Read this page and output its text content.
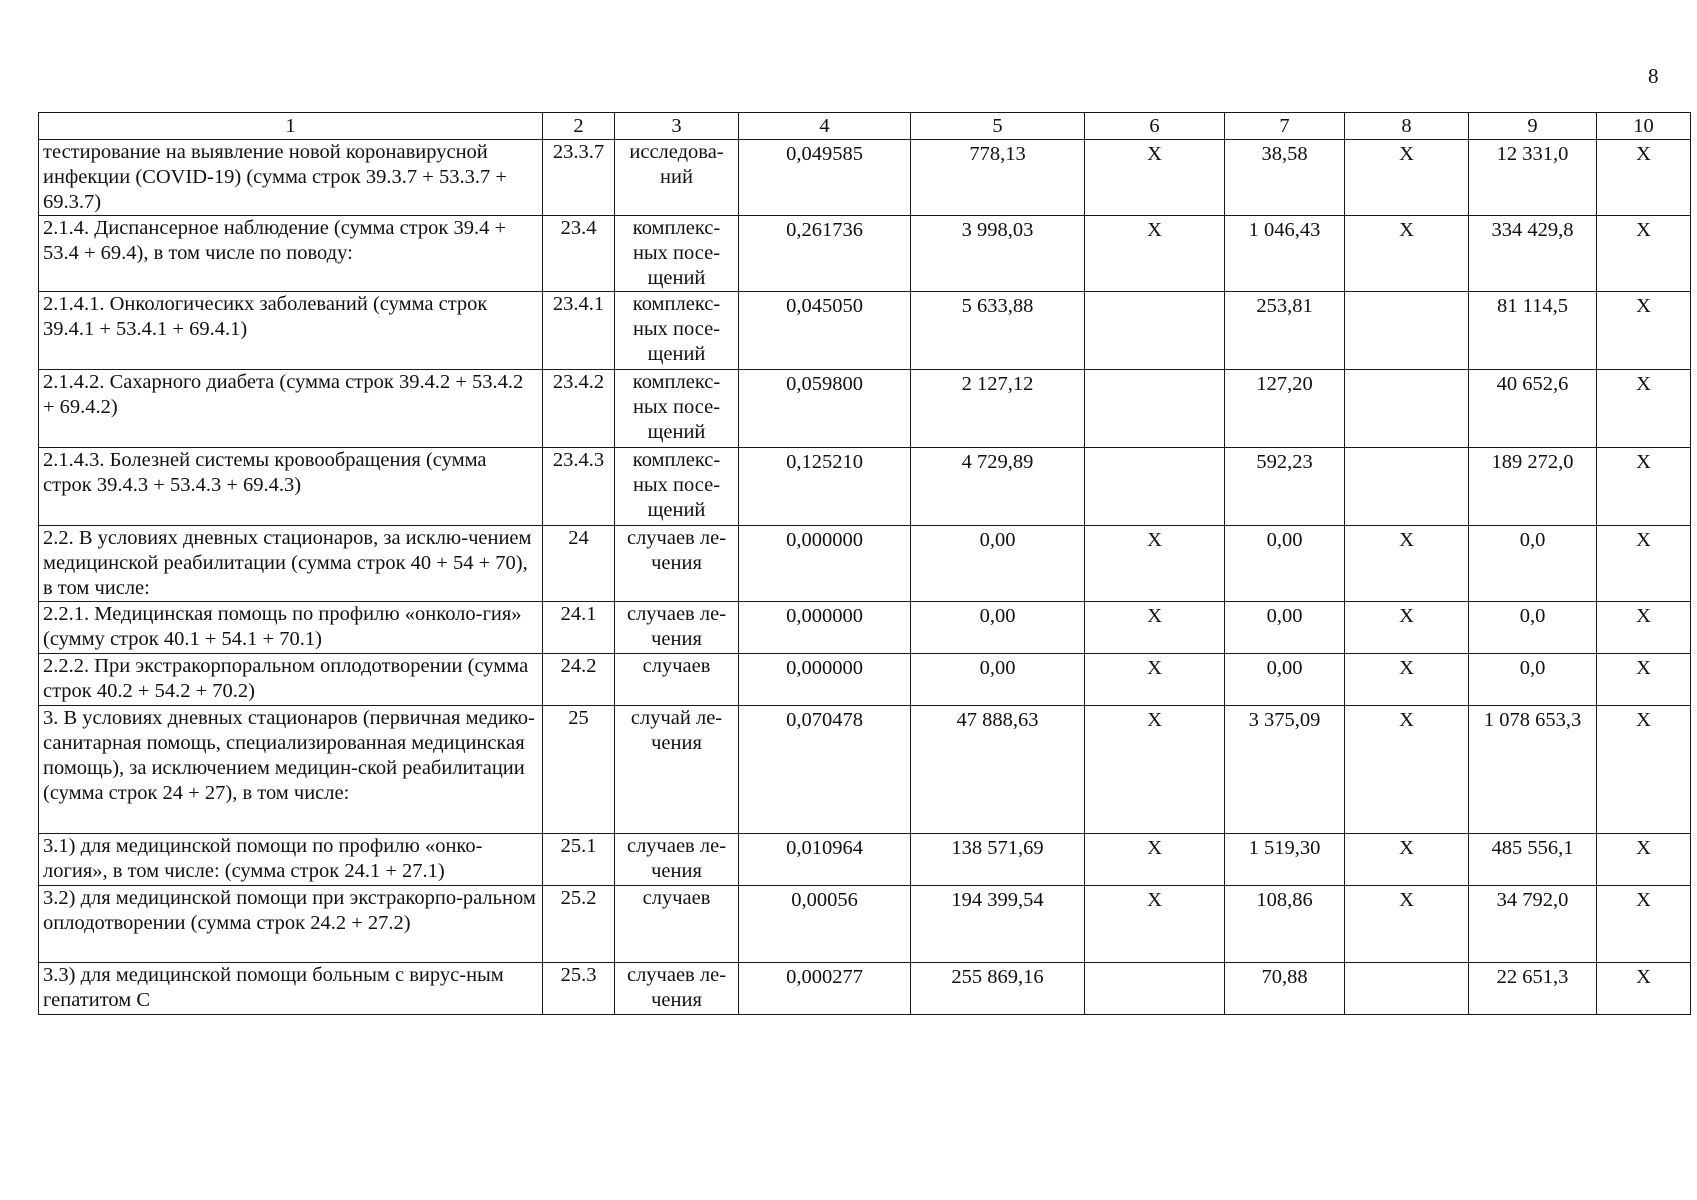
8
1	2	3	4	5	6	7	8	9	10
тестирование на выявление новой коронавирусной инфекции (COVID-19) (сумма строк 39.3.7 + 53.3.7 + 69.3.7)	23.3.7	исследова-ний	0,049585	778,13	X	38,58	X	12 331,0	X
2.1.4. Диспансерное наблюдение (сумма строк 39.4 + 53.4 + 69.4), в том числе по поводу:	23.4	комплекс-ных посе-щений	0,261736	3 998,03	X	1 046,43	X	334 429,8	X
2.1.4.1. Онкологичесикх заболеваний (сумма строк 39.4.1 + 53.4.1 + 69.4.1)	23.4.1	комплекс-ных посе-щений	0,045050	5 633,88		253,81		81 114,5	X
2.1.4.2. Сахарного диабета (сумма строк 39.4.2 + 53.4.2 + 69.4.2)	23.4.2	комплекс-ных посе-щений	0,059800	2 127,12		127,20		40 652,6	X
2.1.4.3. Болезней системы кровообращения (сумма строк 39.4.3 + 53.4.3 + 69.4.3)	23.4.3	комплекс-ных посе-щений	0,125210	4 729,89		592,23		189 272,0	X
2.2. В условиях дневных стационаров, за исклю-чением медицинской реабилитации (сумма строк 40 + 54 + 70), в том числе:	24	случаев ле-чения	0,000000	0,00	X	0,00	X	0,0	X
2.2.1. Медицинская помощь по профилю «онколо-гия» (сумму строк 40.1 + 54.1 + 70.1)	24.1	случаев ле-чения	0,000000	0,00	X	0,00	X	0,0	X
2.2.2. При экстракорпоральном оплодотворении (сумма строк 40.2 + 54.2 + 70.2)	24.2	случаев	0,000000	0,00	X	0,00	X	0,0	X
3. В условиях дневных стационаров (первичная медико-санитарная помощь, специализированная медицинская помощь), за исключением медицин-ской реабилитации (сумма строк 24 + 27), в том числе:	25	случай ле-чения	0,070478	47 888,63	X	3 375,09	X	1 078 653,3	X
3.1) для медицинской помощи по профилю «онко-логия», в том числе: (сумма строк 24.1 + 27.1)	25.1	случаев ле-чения	0,010964	138 571,69	X	1 519,30	X	485 556,1	X
3.2) для медицинской помощи при экстракорпо-ральном оплодотворении (сумма строк 24.2 + 27.2)	25.2	случаев	0,00056	194 399,54	X	108,86	X	34 792,0	X
3.3) для медицинской помощи больным с вирус-ным гепатитом С	25.3	случаев ле-чения	0,000277	255 869,16		70,88		22 651,3	X
